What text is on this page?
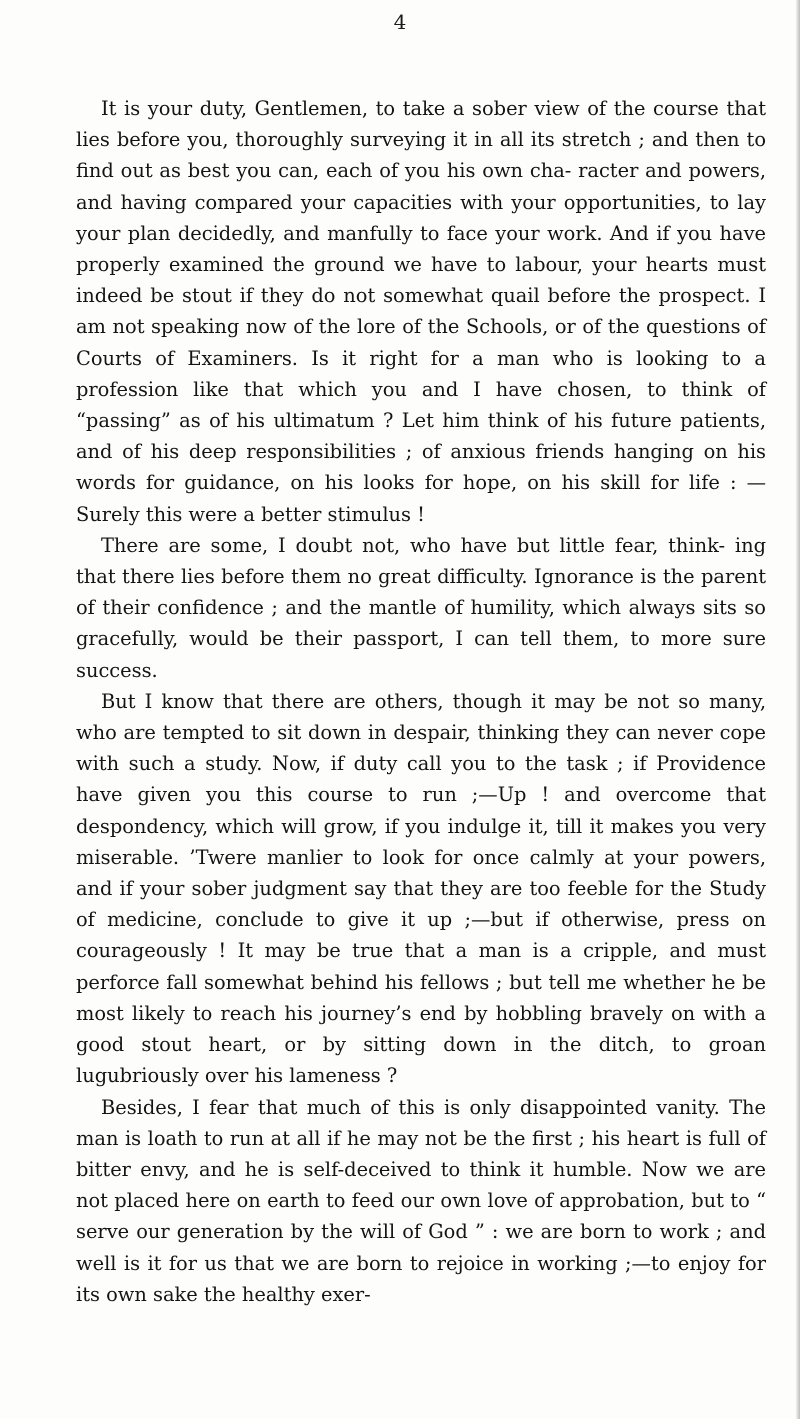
4

It is your duty, Gentlemen, to take a sober view of the course that lies before you, thoroughly surveying it in all its stretch ; and then to find out as best you can, each of you his own cha- racter and powers, and having compared your capacities with your opportunities, to lay your plan decidedly, and manfully to face your work. And if you have properly examined the ground we have to labour, your hearts must indeed be stout if they do not somewhat quail before the prospect. I am not speaking now of the lore of the Schools, or of the questions of Courts of Examiners. Is it right for a man who is looking to a profession like that which you and I have chosen, to think of “passing” as of his ultimatum ? Let him think of his future patients, and of his deep responsibilities ; of anxious friends hanging on his words for guidance, on his looks for hope, on his skill for life : —Surely this were a better stimulus !

There are some, I doubt not, who have but little fear, think- ing that there lies before them no great difficulty. Ignorance is the parent of their confidence ; and the mantle of humility, which always sits so gracefully, would be their passport, I can tell them, to more sure success.

But I know that there are others, though it may be not so many, who are tempted to sit down in despair, thinking they can never cope with such a study. Now, if duty call you to the task ; if Providence have given you this course to run ;—Up ! and overcome that despondency, which will grow, if you indulge it, till it makes you very miserable. ’Twere manlier to look for once calmly at your powers, and if your sober judgment say that they are too feeble for the Study of medicine, conclude to give it up ;—but if otherwise, press on courageously ! It may be true that a man is a cripple, and must perforce fall somewhat behind his fellows ; but tell me whether he be most likely to reach his journey’s end by hobbling bravely on with a good stout heart, or by sitting down in the ditch, to groan lugubriously over his lameness ?

Besides, I fear that much of this is only disappointed vanity. The man is loath to run at all if he may not be the first ; his heart is full of bitter envy, and he is self-deceived to think it humble. Now we are not placed here on earth to feed our own love of approbation, but to “ serve our generation by the will of God ” : we are born to work ; and well is it for us that we are born to rejoice in working ;—to enjoy for its own sake the healthy exer-
